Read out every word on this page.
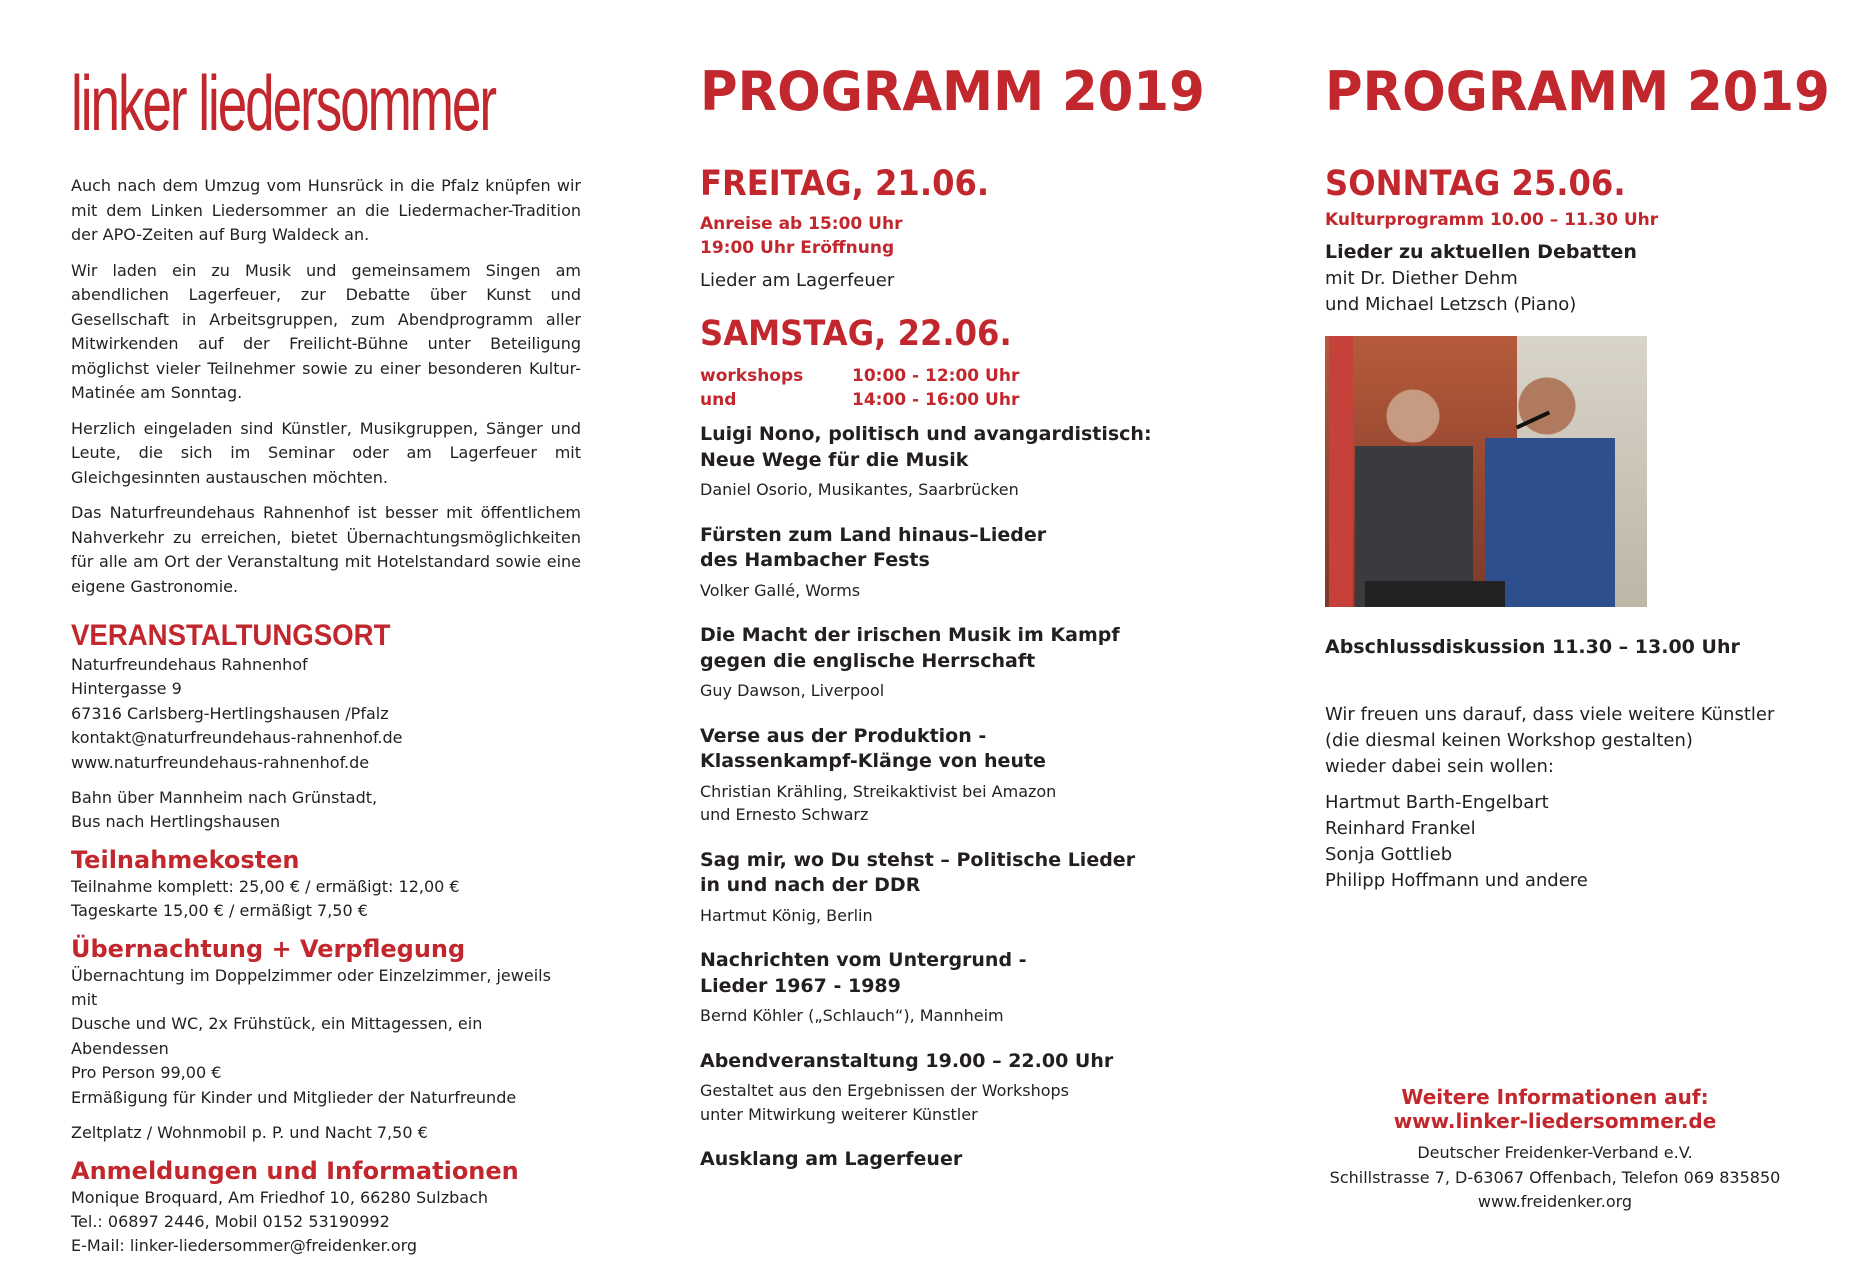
linker liedersommer

Auch nach dem Umzug vom Hunsrück in die Pfalz knüpfen wir mit dem Linken Liedersommer an die Liedermacher-Tradition der APO-Zeiten auf Burg Waldeck an.

Wir laden ein zu Musik und gemeinsamem Singen am abendlichen Lagerfeuer, zur Debatte über Kunst und Gesellschaft in Arbeitsgruppen, zum Abendprogramm aller Mitwirkenden auf der Freilicht-Bühne unter Beteiligung möglichst vieler Teilnehmer sowie zu einer besonderen Kultur-Matinée am Sonntag.

Herzlich eingeladen sind Künstler, Musikgruppen, Sänger und Leute, die sich im Seminar oder am Lagerfeuer mit Gleichgesinnten austauschen möchten.

Das Naturfreundehaus Rahnenhof ist besser mit öffentlichem Nahverkehr zu erreichen, bietet Übernachtungsmöglichkeiten für alle am Ort der Veranstaltung mit Hotelstandard sowie eine eigene Gastronomie.

VERANSTALTUNGSORT
Naturfreundehaus Rahnenhof
Hintergasse 9
67316 Carlsberg-Hertlingshausen /Pfalz
kontakt@naturfreundehaus-rahnenhof.de
www.naturfreundehaus-rahnenhof.de
Bahn über Mannheim nach Grünstadt,
Bus nach Hertlingshausen
Teilnahmekosten
Teilnahme komplett: 25,00 € / ermäßigt: 12,00 €
Tageskarte 15,00 € / ermäßigt 7,50 €
Übernachtung + Verpflegung
Übernachtung im Doppelzimmer oder Einzelzimmer, jeweils mit
Dusche und WC, 2x Frühstück, ein Mittagessen, ein Abendessen
Pro Person 99,00 €
Ermäßigung für Kinder und Mitglieder der Naturfreunde
Zeltplatz / Wohnmobil p. P. und Nacht 7,50 €
Anmeldungen und Informationen
Monique Broquard, Am Friedhof 10, 66280 Sulzbach
Tel.: 06897 2446, Mobil 0152 53190992
E-Mail: linker-liedersommer@freidenker.org
PROGRAMM 2019
FREITAG, 21.06.
Anreise ab 15:00 Uhr
19:00 Uhr Eröffnung
Lieder am Lagerfeuer
SAMSTAG, 22.06.
workshops	10:00 - 12:00 Uhr
und	14:00 - 16:00 Uhr
Luigi Nono, politisch und avangardistisch:
Neue Wege für die Musik
Daniel Osorio, Musikantes, Saarbrücken
Fürsten zum Land hinaus–Lieder
des Hambacher Fests
Volker Gallé, Worms
Die Macht der irischen Musik im Kampf
gegen die englische Herrschaft
Guy Dawson, Liverpool
Verse aus der Produktion -
Klassenkampf-Klänge von heute
Christian Krähling, Streikaktivist bei Amazon
und Ernesto Schwarz
Sag mir, wo Du stehst – Politische Lieder
in und nach der DDR
Hartmut König, Berlin
Nachrichten vom Untergrund -
Lieder 1967 - 1989
Bernd Köhler („Schlauch“), Mannheim
Abendveranstaltung 19.00 – 22.00 Uhr
Gestaltet aus den Ergebnissen der Workshops
unter Mitwirkung weiterer Künstler
Ausklang am Lagerfeuer
PROGRAMM 2019
SONNTAG 25.06.
Kulturprogramm 10.00 – 11.30 Uhr
Lieder zu aktuellen Debatten
mit Dr. Diether Dehm
und Michael Letzsch (Piano)
Abschlussdiskussion 11.30 – 13.00 Uhr
Wir freuen uns darauf, dass viele weitere Künstler
(die diesmal keinen Workshop gestalten)
wieder dabei sein wollen:
Hartmut Barth-Engelbart
Reinhard Frankel
Sonja Gottlieb
Philipp Hoffmann und andere
Weitere Informationen auf:
www.linker-liedersommer.de
Deutscher Freidenker-Verband e.V.
Schillstrasse 7, D-63067 Offenbach, Telefon 069 835850
www.freidenker.org
